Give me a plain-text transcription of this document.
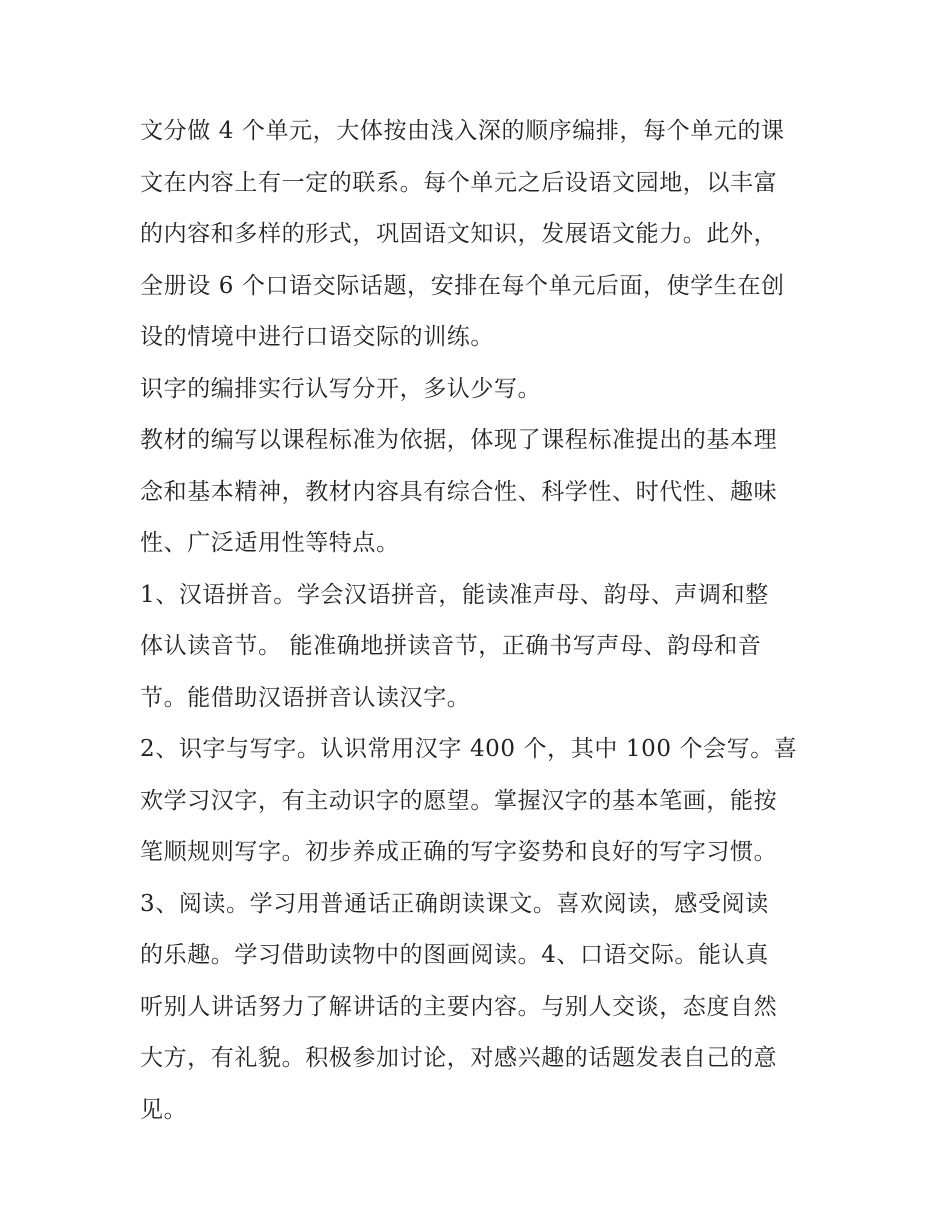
文分做 4 个单元，大体按由浅入深的顺序编排，每个单元的课
文在内容上有一定的联系。每个单元之后设语文园地，以丰富
的内容和多样的形式，巩固语文知识，发展语文能力。此外，
全册设 6 个口语交际话题，安排在每个单元后面，使学生在创
设的情境中进行口语交际的训练。
识字的编排实行认写分开，多认少写。
教材的编写以课程标准为依据，体现了课程标准提出的基本理
念和基本精神，教材内容具有综合性、科学性、时代性、趣味
性、广泛适用性等特点。
1、汉语拼音。学会汉语拼音，能读准声母、韵母、声调和整
体认读音节。 能准确地拼读音节，正确书写声母、韵母和音
节。能借助汉语拼音认读汉字。
2、识字与写字。认识常用汉字 400 个，其中 100 个会写。喜
欢学习汉字，有主动识字的愿望。掌握汉字的基本笔画，能按
笔顺规则写字。初步养成正确的写字姿势和良好的写字习惯。
3、阅读。学习用普通话正确朗读课文。喜欢阅读，感受阅读
的乐趣。学习借助读物中的图画阅读。4、口语交际。能认真
听别人讲话努力了解讲话的主要内容。与别人交谈，态度自然
大方，有礼貌。积极参加讨论，对感兴趣的话题发表自己的意
见。
